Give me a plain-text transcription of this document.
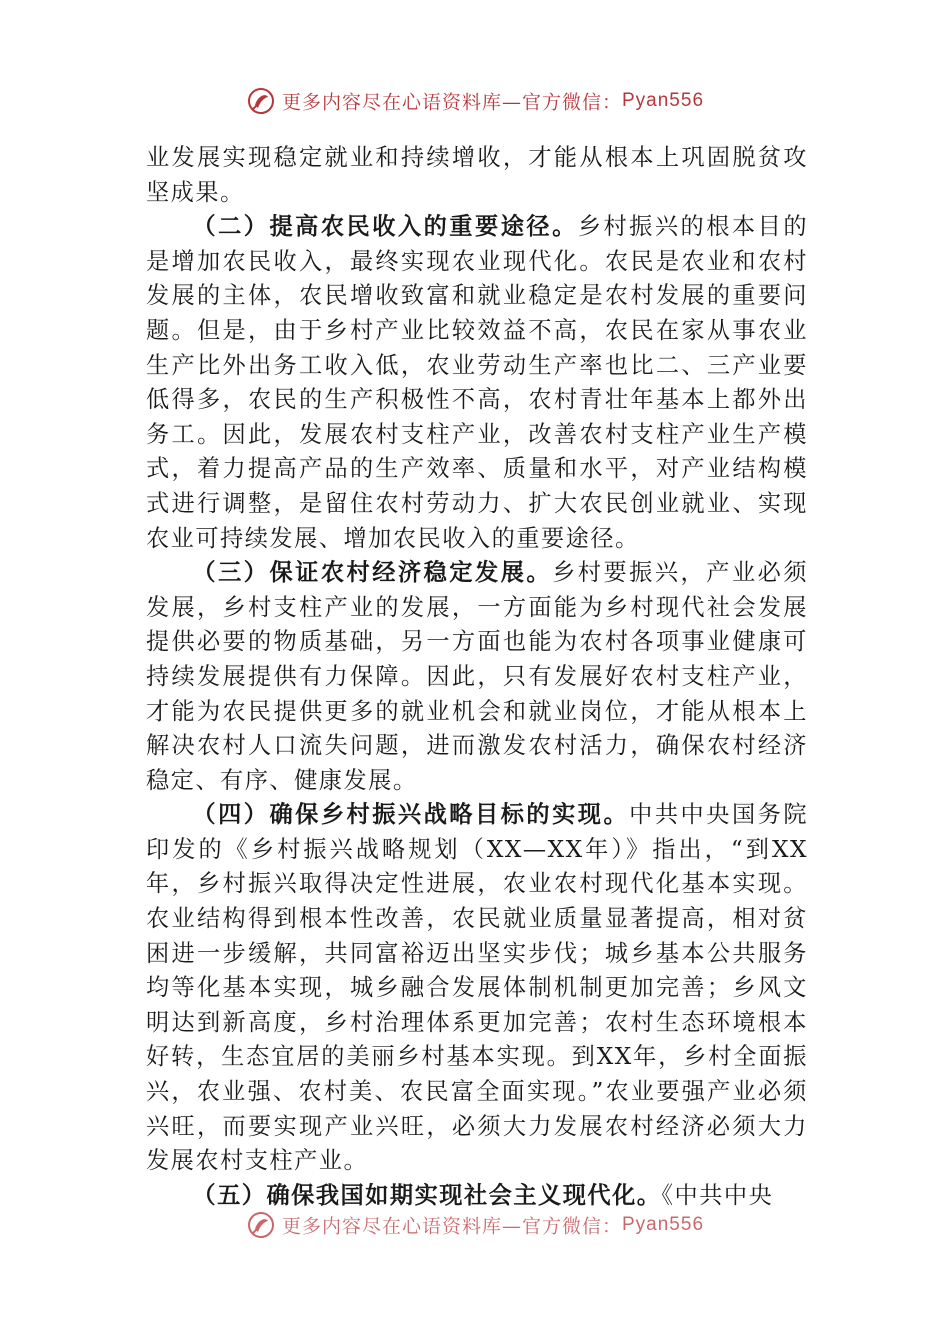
更多内容尽在心语资料库—官方微信：Pyan556

业发展实现稳定就业和持续增收，才能从根本上巩固脱贫攻坚成果。

（二）提高农民收入的重要途径。乡村振兴的根本目的是增加农民收入，最终实现农业现代化。农民是农业和农村发展的主体，农民增收致富和就业稳定是农村发展的重要问题。但是，由于乡村产业比较效益不高，农民在家从事农业生产比外出务工收入低，农业劳动生产率也比二、三产业要低得多，农民的生产积极性不高，农村青壮年基本上都外出务工。因此，发展农村支柱产业，改善农村支柱产业生产模式，着力提高产品的生产效率、质量和水平，对产业结构模式进行调整，是留住农村劳动力、扩大农民创业就业、实现农业可持续发展、增加农民收入的重要途径。

（三）保证农村经济稳定发展。乡村要振兴，产业必须发展，乡村支柱产业的发展，一方面能为乡村现代社会发展提供必要的物质基础，另一方面也能为农村各项事业健康可持续发展提供有力保障。因此，只有发展好农村支柱产业，才能为农民提供更多的就业机会和就业岗位，才能从根本上解决农村人口流失问题，进而激发农村活力，确保农村经济稳定、有序、健康发展。

（四）确保乡村振兴战略目标的实现。中共中央国务院印发的《乡村振兴战略规划（XX—XX年）》指出，“到XX年，乡村振兴取得决定性进展，农业农村现代化基本实现。农业结构得到根本性改善，农民就业质量显著提高，相对贫困进一步缓解，共同富裕迈出坚实步伐；城乡基本公共服务均等化基本实现，城乡融合发展体制机制更加完善；乡风文明达到新高度，乡村治理体系更加完善；农村生态环境根本好转，生态宜居的美丽乡村基本实现。到XX年，乡村全面振兴，农业强、农村美、农民富全面实现。”农业要强产业必须兴旺，而要实现产业兴旺，必须大力发展农村经济必须大力发展农村支柱产业。

（五）确保我国如期实现社会主义现代化。《中共中央

更多内容尽在心语资料库—官方微信：Pyan556
